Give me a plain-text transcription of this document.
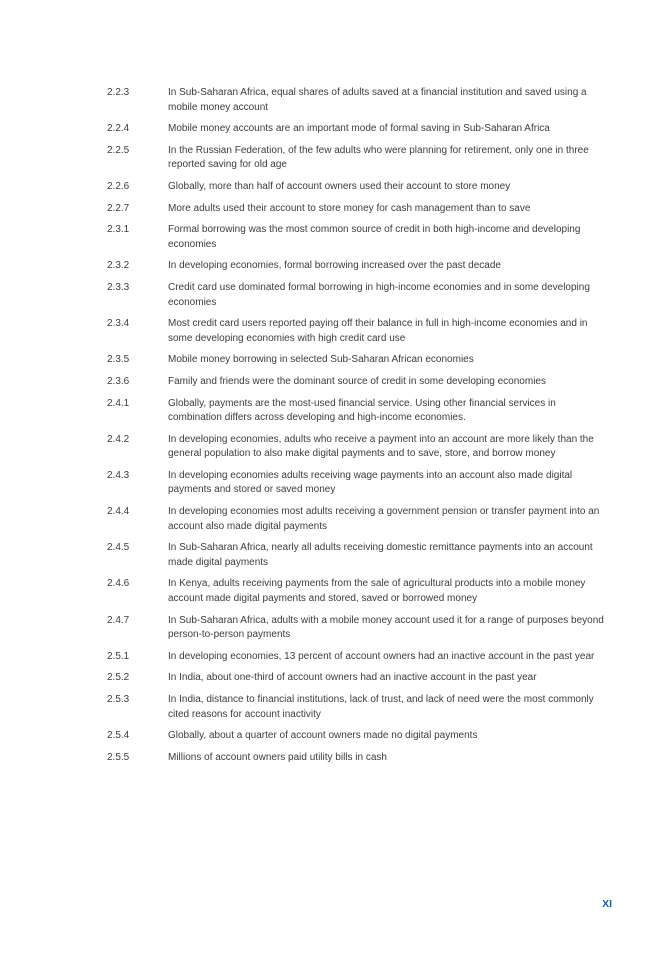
2.2.3	In Sub-Saharan Africa, equal shares of adults saved at a financial institution and saved using a mobile money account
2.2.4	Mobile money accounts are an important mode of formal saving in Sub-Saharan Africa
2.2.5	In the Russian Federation, of the few adults who were planning for retirement, only one in three reported saving for old age
2.2.6	Globally, more than half of account owners used their account to store money
2.2.7	More adults used their account to store money for cash management than to save
2.3.1	Formal borrowing was the most common source of credit in both high-income and developing economies
2.3.2	In developing economies, formal borrowing increased over the past decade
2.3.3	Credit card use dominated formal borrowing in high-income economies and in some developing economies
2.3.4	Most credit card users reported paying off their balance in full in high-income economies and in some developing economies with high credit card use
2.3.5	Mobile money borrowing in selected Sub-Saharan African economies
2.3.6	Family and friends were the dominant source of credit in some developing economies
2.4.1	Globally, payments are the most-used financial service. Using other financial services in combination differs across developing and high-income economies.
2.4.2	In developing economies, adults who receive a payment into an account are more likely than the general population to also make digital payments and to save, store, and borrow money
2.4.3	In developing economies adults receiving wage payments into an account also made digital payments and stored or saved money
2.4.4	In developing economies most adults receiving a government pension or transfer payment into an account also made digital payments
2.4.5	In Sub-Saharan Africa, nearly all adults receiving domestic remittance payments into an account made digital payments
2.4.6	In Kenya, adults receiving payments from the sale of agricultural products into a mobile money account made digital payments and stored, saved or borrowed money
2.4.7	In Sub-Saharan Africa, adults with a mobile money account used it for a range of purposes beyond person-to-person payments
2.5.1	In developing economies, 13 percent of account owners had an inactive account in the past year
2.5.2	In India, about one-third of account owners had an inactive account in the past year
2.5.3	In India, distance to financial institutions, lack of trust, and lack of need were the most commonly cited reasons for account inactivity
2.5.4	Globally, about a quarter of account owners made no digital payments
2.5.5	Millions of account owners paid utility bills in cash
XI
